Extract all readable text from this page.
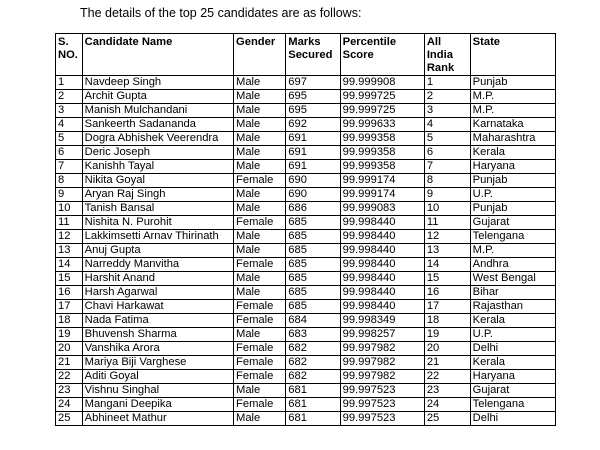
The details of the top 25 candidates are as follows:
S. NO.	Candidate Name	Gender	Marks Secured	Percentile Score	All India Rank	State
1	Navdeep Singh	Male	697	99.999908	1	Punjab
2	Archit Gupta	Male	695	99.999725	2	M.P.
3	Manish Mulchandani	Male	695	99.999725	3	M.P.
4	Sankeerth Sadananda	Male	692	99.999633	4	Karnataka
5	Dogra Abhishek Veerendra	Male	691	99.999358	5	Maharashtra
6	Deric Joseph	Male	691	99.999358	6	Kerala
7	Kanishh Tayal	Male	691	99.999358	7	Haryana
8	Nikita Goyal	Female	690	99.999174	8	Punjab
9	Aryan Raj Singh	Male	690	99.999174	9	U.P.
10	Tanish Bansal	Male	686	99.999083	10	Punjab
11	Nishita N. Purohit	Female	685	99.998440	11	Gujarat
12	Lakkimsetti Arnav Thirinath	Male	685	99.998440	12	Telengana
13	Anuj Gupta	Male	685	99.998440	13	M.P.
14	Narreddy Manvitha	Female	685	99.998440	14	Andhra
15	Harshit Anand	Male	685	99.998440	15	West Bengal
16	Harsh Agarwal	Male	685	99.998440	16	Bihar
17	Chavi Harkawat	Female	685	99.998440	17	Rajasthan
18	Nada Fatima	Female	684	99.998349	18	Kerala
19	Bhuvensh Sharma	Male	683	99.998257	19	U.P.
20	Vanshika Arora	Female	682	99.997982	20	Delhi
21	Mariya Biji Varghese	Female	682	99.997982	21	Kerala
22	Aditi Goyal	Female	682	99.997982	22	Haryana
23	Vishnu Singhal	Male	681	99.997523	23	Gujarat
24	Mangani Deepika	Female	681	99.997523	24	Telengana
25	Abhineet Mathur	Male	681	99.997523	25	Delhi
